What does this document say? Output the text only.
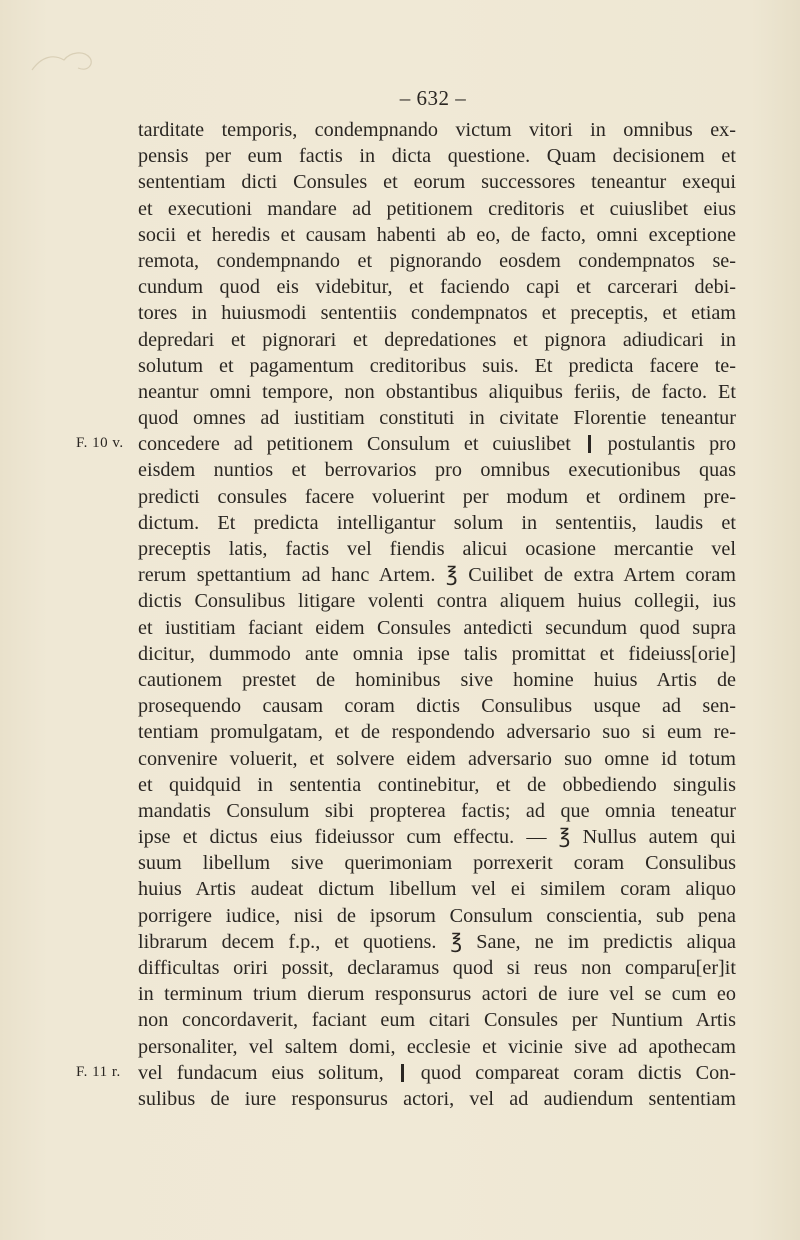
– 632 –
F. 10 v.
F. 11 r.
tarditate temporis, condempnando victum vitori in omnibus ex-
pensis per eum factis in dicta questione. Quam decisionem et
sententiam dicti Consules et eorum successores teneantur exequi
et executioni mandare ad petitionem creditoris et cuiuslibet eius
socii et heredis et causam habenti ab eo, de facto, omni exceptione
remota, condempnando et pignorando eosdem condempnatos se-
cundum quod eis videbitur, et faciendo capi et carcerari debi-
tores in huiusmodi sententiis condempnatos et preceptis, et etiam
depredari et pignorari et depredationes et pignora adiudicari in
solutum et pagamentum creditoribus suis. Et predicta facere te-
neantur omni tempore, non obstantibus aliquibus feriis, de facto. Et
quod omnes ad iustitiam constituti in civitate Florentie teneantur
concedere ad petitionem Consulum et cuiuslibet  postulantis pro
eisdem nuntios et berrovarios pro omnibus executionibus quas
predicti consules facere voluerint per modum et ordinem pre-
dictum. Et predicta intelligantur solum in sententiis, laudis et
preceptis latis, factis vel fiendis alicui ocasione mercantie vel
rerum spettantium ad hanc Artem. ℥ Cuilibet de extra Artem coram
dictis Consulibus litigare volenti contra aliquem huius collegii, ius
et iustitiam faciant eidem Consules antedicti secundum quod supra
dicitur, dummodo ante omnia ipse talis promittat et fideiuss[orie]
cautionem prestet de hominibus sive homine huius Artis de
prosequendo causam coram dictis Consulibus usque ad sen-
tentiam promulgatam, et de respondendo adversario suo si eum re-
convenire voluerit, et solvere eidem adversario suo omne id totum
et quidquid in sententia continebitur, et de obbediendo singulis
mandatis Consulum sibi propterea factis; ad que omnia teneatur
ipse et dictus eius fideiussor cum effectu. — ℥ Nullus autem qui
suum libellum sive querimoniam porrexerit coram Consulibus
huius Artis audeat dictum libellum vel ei similem coram aliquo
porrigere iudice, nisi de ipsorum Consulum conscientia, sub pena
librarum decem f.p., et quotiens. ℥ Sane, ne im predictis aliqua
difficultas oriri possit, declaramus quod si reus non comparu[er]it
in terminum trium dierum responsurus actori de iure vel se cum eo
non concordaverit, faciant eum citari Consules per Nuntium Artis
personaliter, vel saltem domi, ecclesie et vicinie sive ad apothecam
vel fundacum eius solitum,  quod compareat coram dictis Con-
sulibus de iure responsurus actori, vel ad audiendum sententiam
